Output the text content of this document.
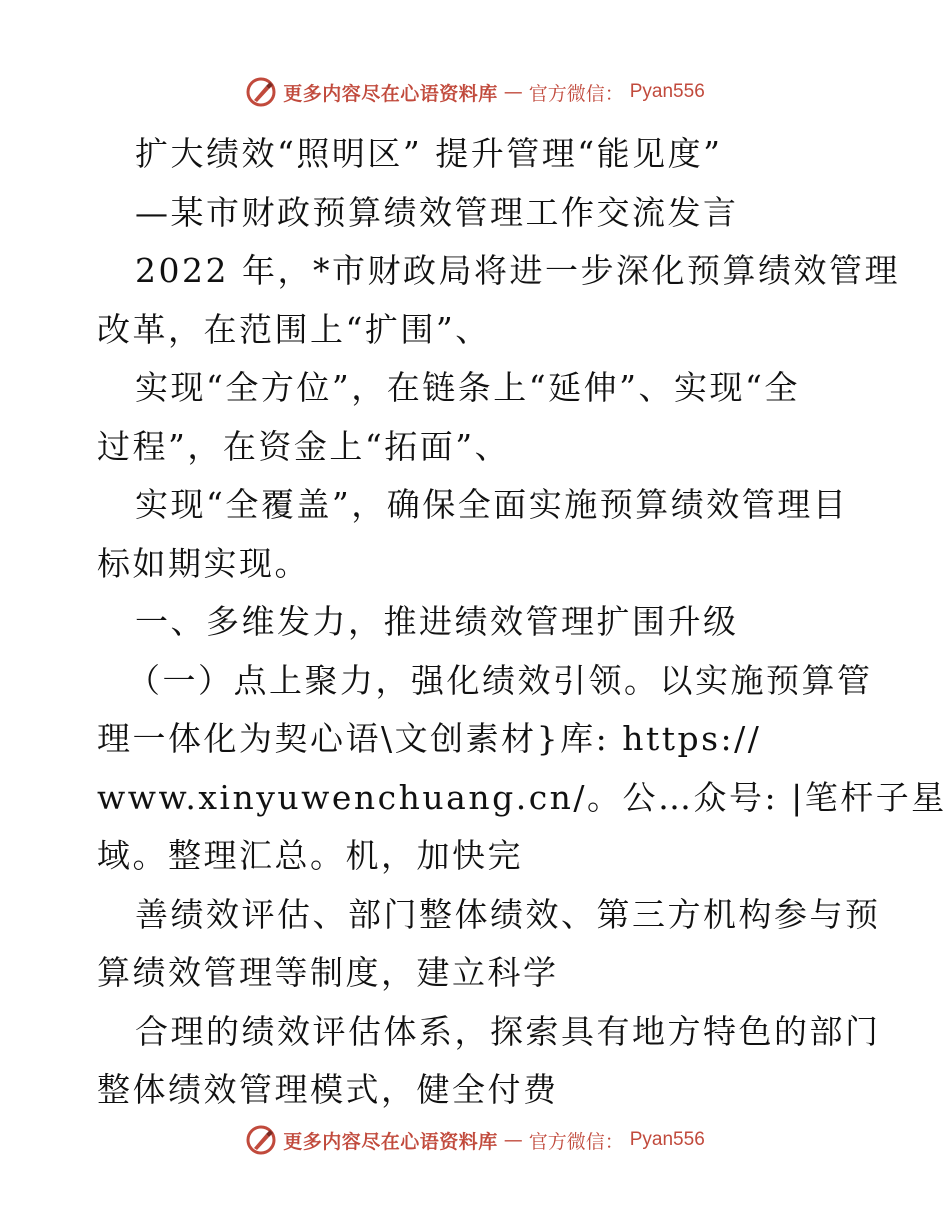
更多内容尽在心语资料库 — 官方微信： Pyan556
扩大绩效“照明区” 提升管理“能见度”
—某市财政预算绩效管理工作交流发言
2022 年，*市财政局将进一步深化预算绩效管理
改革，在范围上“扩围”、
实现“全方位”，在链条上“延伸”、实现“全
过程”，在资金上“拓面”、
实现“全覆盖”，确保全面实施预算绩效管理目
标如期实现。
一、多维发力，推进绩效管理扩围升级
（一）点上聚力，强化绩效引领。以实施预算管
理一体化为契心语\文创素材}库: https://
www.xinyuwenchuang.cn/。公…众号: |笔杆子星
域。整理汇总。机，加快完
善绩效评估、部门整体绩效、第三方机构参与预
算绩效管理等制度，建立科学
合理的绩效评估体系，探索具有地方特色的部门
整体绩效管理模式，健全付费
更多内容尽在心语资料库 — 官方微信： Pyan556
